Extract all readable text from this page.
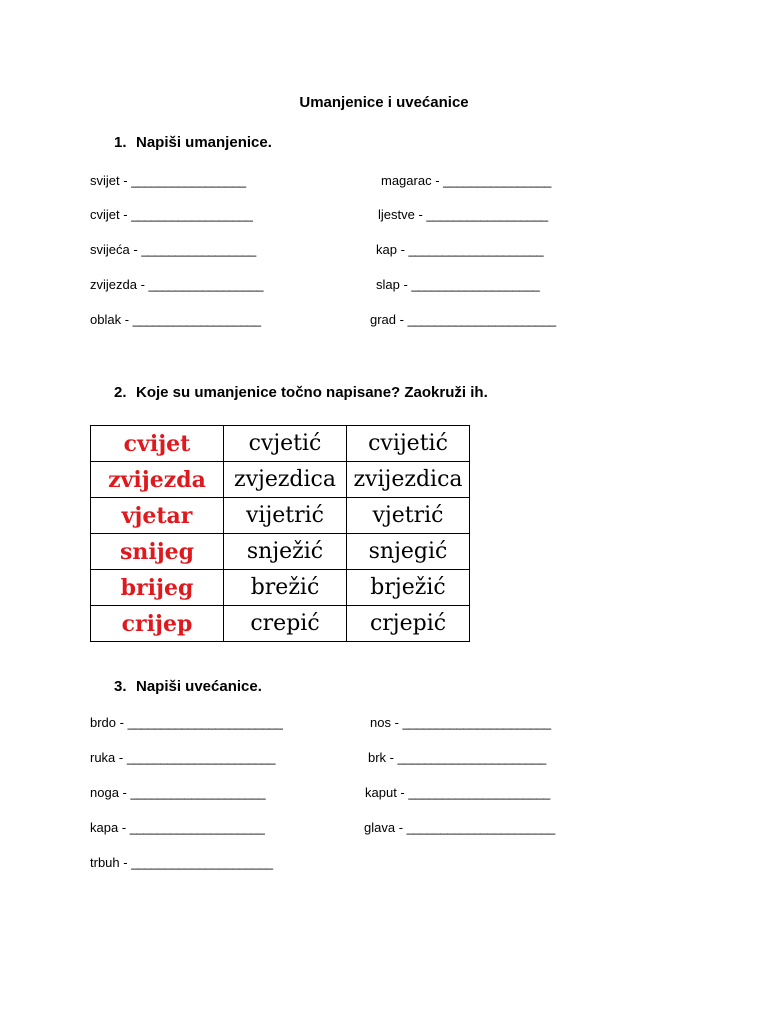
Umanjenice i uvećanice
1. Napiši umanjenice.
svijet - _________________
cvijet - __________________
svijeća - _________________
zvijezda - _________________
oblak - ___________________
magarac - ________________
ljestve - __________________
kap - ____________________
slap - ___________________
grad - ______________________
2. Koje su umanjenice točno napisane? Zaokruži ih.
cvijet	cvjetić	cvijetić
zvijezda	zvjezdica	zvijezdica
vjetar	vijetrić	vjetrić
snijeg	snježić	snjegić
brijeg	brežić	brježić
crijep	crepić	crjepić
3. Napiši uvećanice.
brdo - _______________________
ruka - ______________________
noga - ____________________
kapa - ____________________
trbuh - _____________________
nos - ______________________
brk - ______________________
kaput - _____________________
glava - ______________________
